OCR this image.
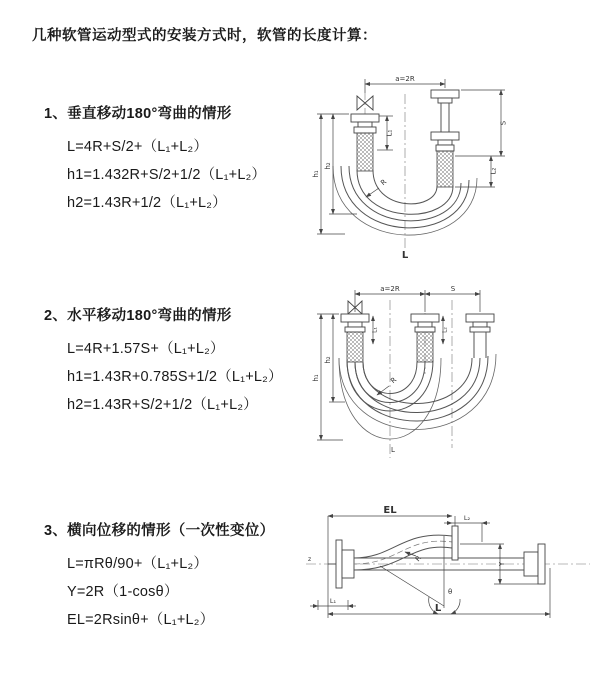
几种软管运动型式的安装方式时，软管的长度计算：
1、垂直移动180°弯曲的情形
L=4R+S/2+（L₁+L₂）
h1=1.432R+S/2+1/2（L₁+L₂）
h2=1.43R+1/2（L₁+L₂）
a=2R
L₁
S
L₂
h₁
h₂
R
L
2、水平移动180°弯曲的情形
L=4R+1.57S+（L₁+L₂）
h1=1.43R+0.785S+1/2（L₁+L₂）
h2=1.43R+S/2+1/2（L₁+L₂）
a=2R	S
L₁	L₂
h₁
h₂
R
L
3、横向位移的情形（一次性变位）
L=πRθ/90+（L₁+L₂）
Y=2R（1-cosθ）
EL=2Rsinθ+（L₁+L₂）
z
EL
L₂
Y
θ
R
L
L₁
